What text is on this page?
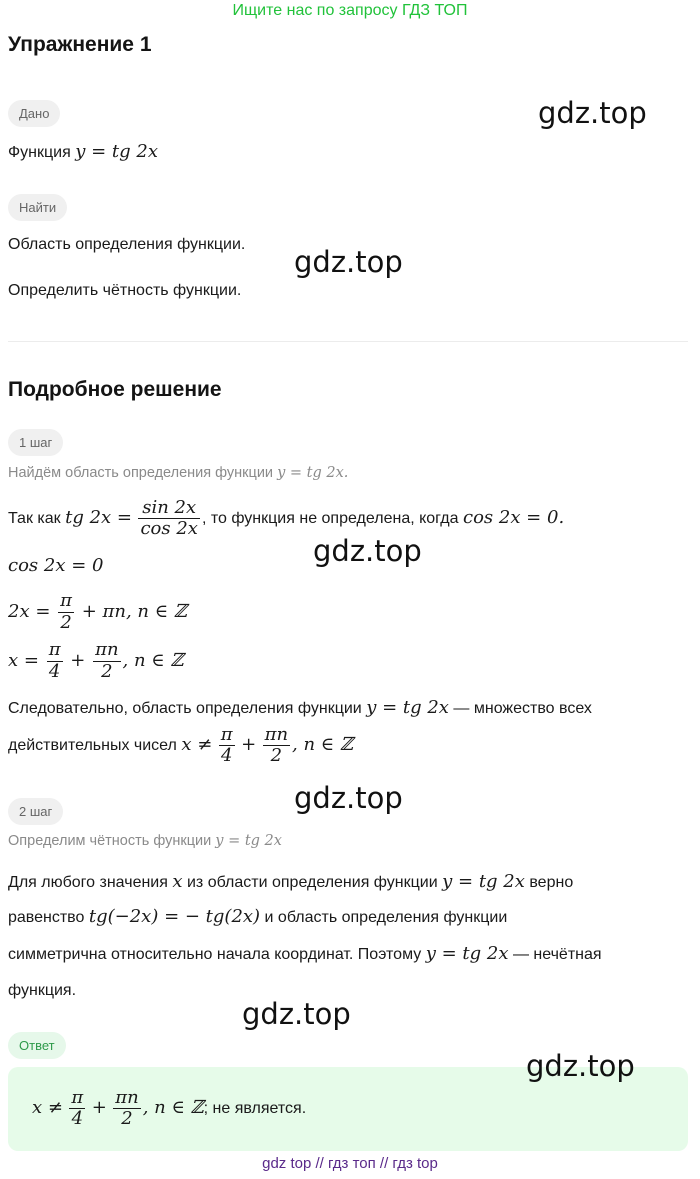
Ищите нас по запросу ГДЗ ТОП
Упражнение 1
Дано
Функция y = tg 2x
Найти
Область определения функции.
Определить чётность функции.
Подробное решение
1 шаг
Найдём область определения функции y = tg 2x.
Так как tg $2x = \frac{\sin 2x}{\cos 2x}$ , то функция не определена, когда cos 2x = 0.
cos 2x = 0
$2x = \frac{\pi}{2} + \pi n$, n ∈ ℤ
$x = \frac{\pi}{4} + \frac{\pi n}{2}$ , n ∈ ℤ
Следовательно, область определения функции y = tg 2x — множество всех
действительных чисел $x \ne \frac{\pi}{4} + \frac{\pi n}{2}$ , n ∈ ℤ
2 шаг
Определим чётность функции y = tg 2x
Для любого значения x из области определения функции y = tg 2x верно
равенство tg(−2x) = − tg(2x) и область определения функции
симметрична относительно начала координат. Поэтому y = tg 2x — нечётная
функция.
Ответ
$x \ne \frac{\pi}{4} + \frac{\pi n}{2}$ , n ∈ ℤ; не является.
gdz.top
gdz.top
gdz.top
gdz.top
gdz.top
gdz.top
gdz top // гдз топ // гдз top
